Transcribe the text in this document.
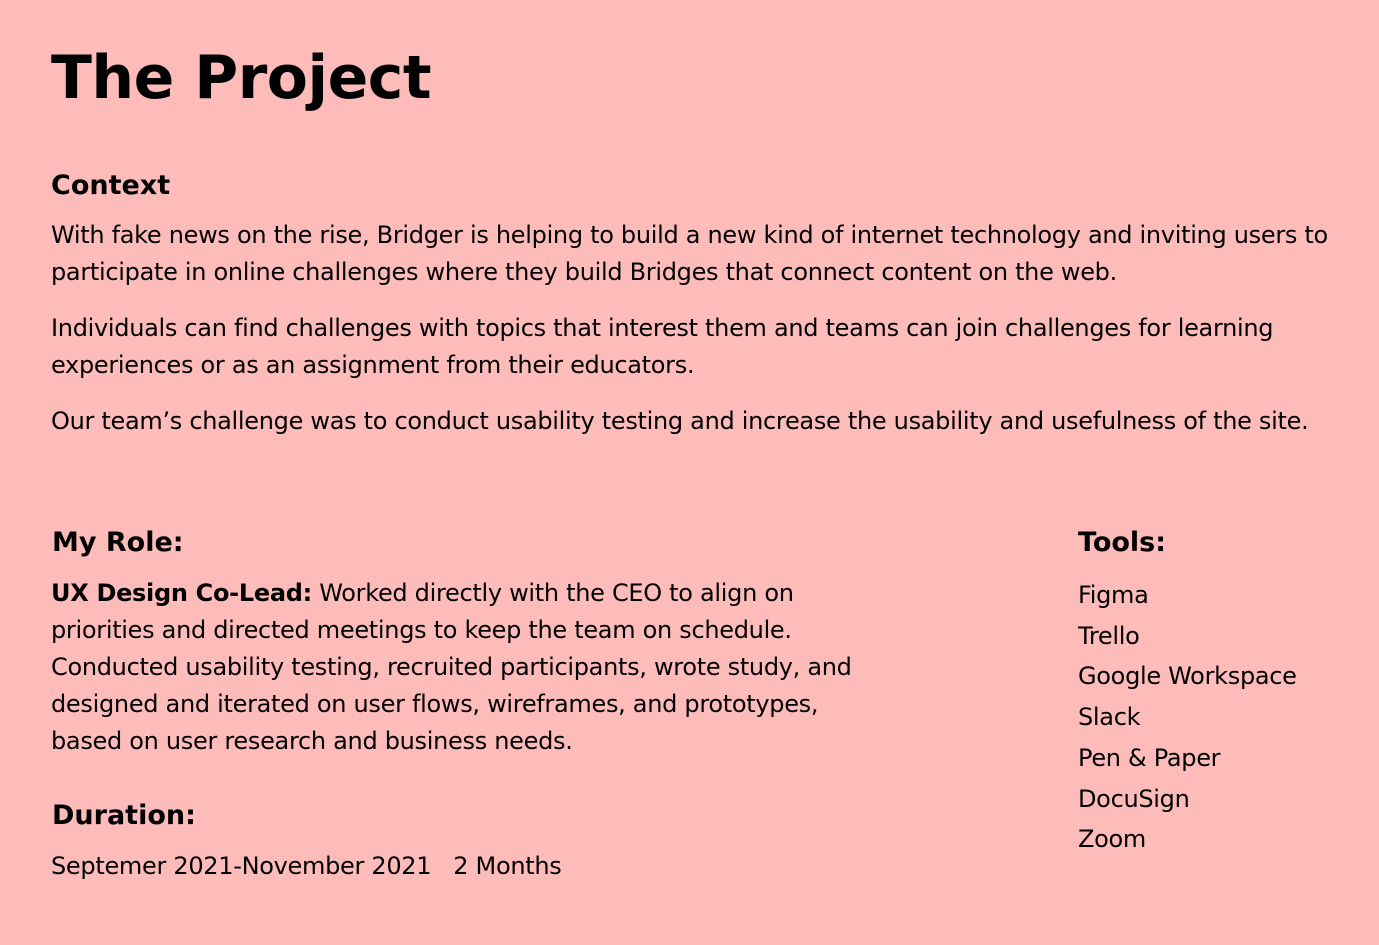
The Project
Context

With fake news on the rise, Bridger is helping to build a new kind of internet technology and inviting users to participate in online challenges where they build Bridges that connect content on the web.

Individuals can find challenges with topics that interest them and teams can join challenges for learning experiences or as an assignment from their educators.

Our team’s challenge was to conduct usability testing and increase the usability and usefulness of the site.

My Role:

UX Design Co-Lead: Worked directly with the CEO to align on priorities and directed meetings to keep the team on schedule. Conducted usability testing, recruited participants, wrote study, and designed and iterated on user flows, wireframes, and prototypes, based on user research and business needs.

Duration:

Septemer 2021-November 2021 2 Months

Tools:
Figma
Trello
Google Workspace
Slack
Pen & Paper
DocuSign
Zoom
